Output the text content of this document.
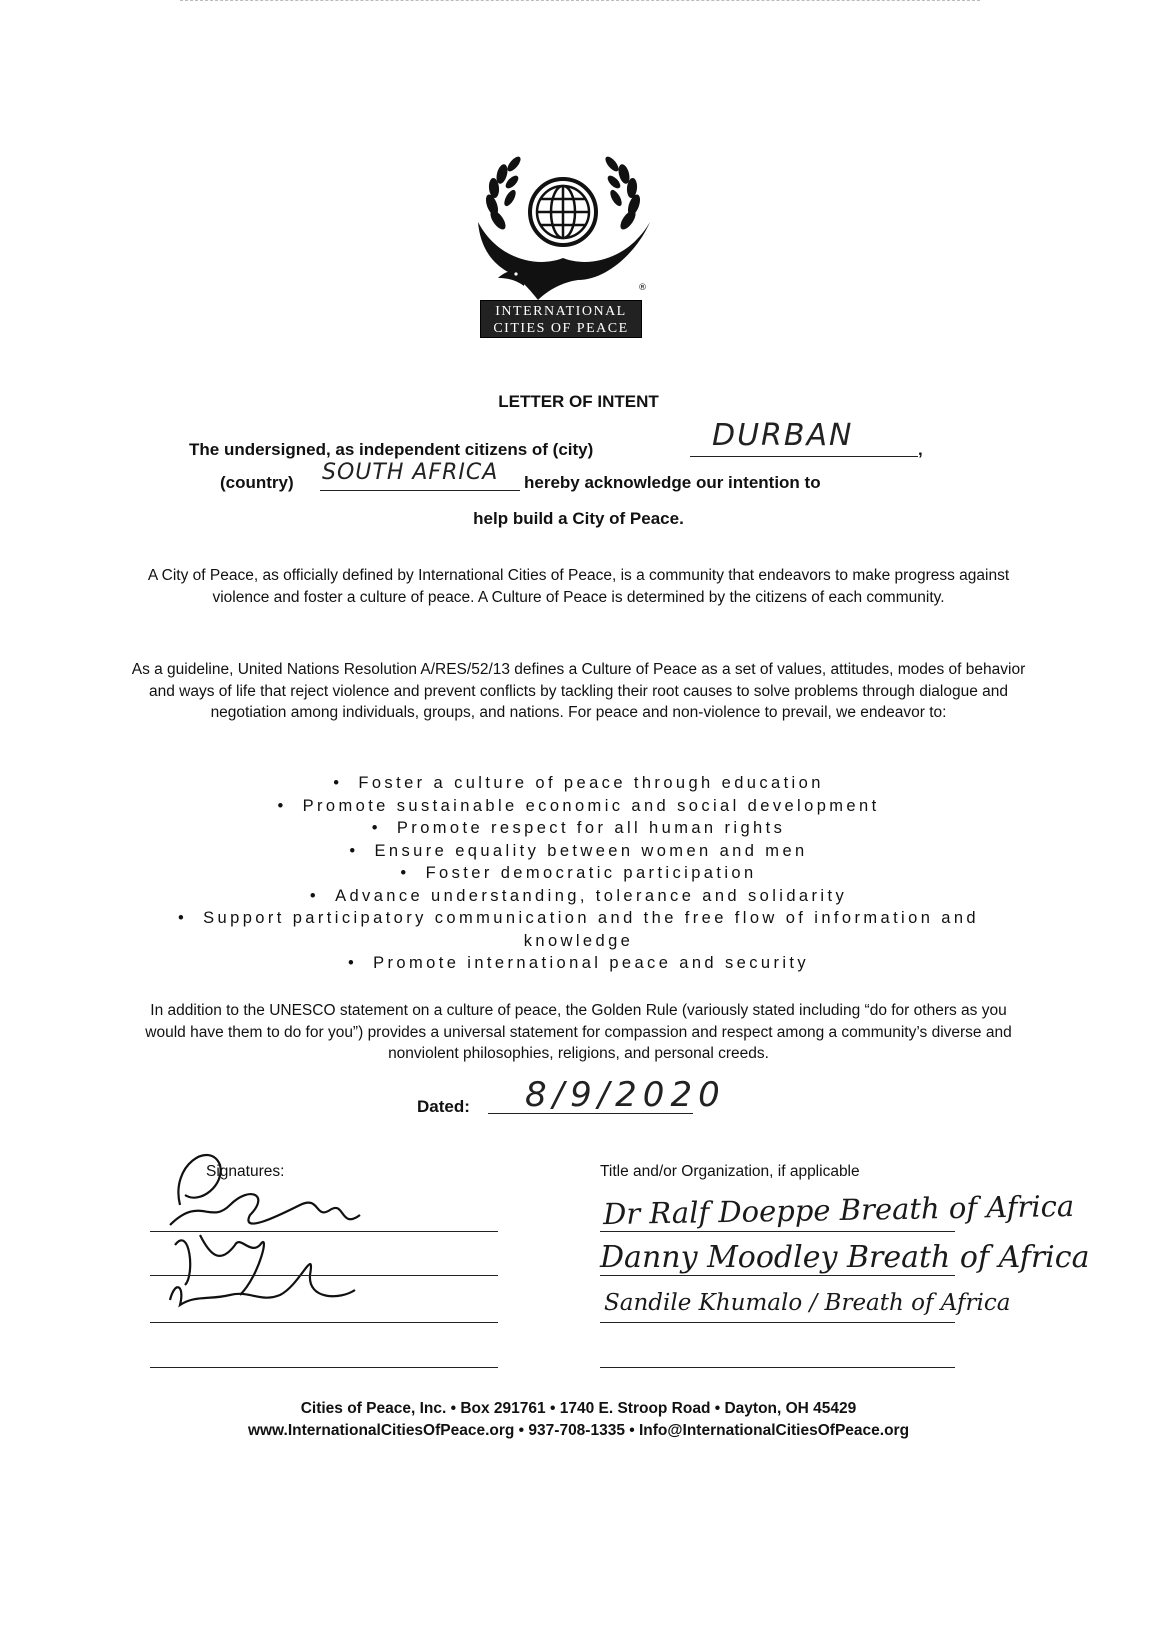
®
INTERNATIONAL
CITIES OF PEACE
LETTER OF INTENT
The undersigned, as independent citizens of (city)	DURBAN	,
(country) SOUTH AFRICA hereby acknowledge our intention to
help build a City of Peace.
A City of Peace, as officially defined by International Cities of Peace, is a community that endeavors to make progress against violence and foster a culture of peace. A Culture of Peace is determined by the citizens of each community.
As a guideline, United Nations Resolution A/RES/52/13 defines a Culture of Peace as a set of values, attitudes, modes of behavior and ways of life that reject violence and prevent conflicts by tackling their root causes to solve problems through dialogue and negotiation among individuals, groups, and nations. For peace and non-violence to prevail, we endeavor to:
•  Foster a culture of peace through education
•  Promote sustainable economic and social development
•  Promote respect for all human rights
•  Ensure equality between women and men
•  Foster democratic participation
•  Advance understanding, tolerance and solidarity
•  Support participatory communication and the free flow of information and knowledge
•  Promote international peace and security
In addition to the UNESCO statement on a culture of peace, the Golden Rule (variously stated including “do for others as you would have them to do for you”) provides a universal statement for compassion and respect among a community’s diverse and nonviolent philosophies, religions, and personal creeds.
Dated: 8/9/2020
Signatures:	Title and/or Organization, if applicable
Dr Ralf Doeppe Breath of Africa
Danny Moodley Breath of Africa
Sandile Khumalo / Breath of Africa
Cities of Peace, Inc. • Box 291761 • 1740 E. Stroop Road • Dayton, OH 45429
www.InternationalCitiesOfPeace.org • 937-708-1335 • Info@InternationalCitiesOfPeace.org
